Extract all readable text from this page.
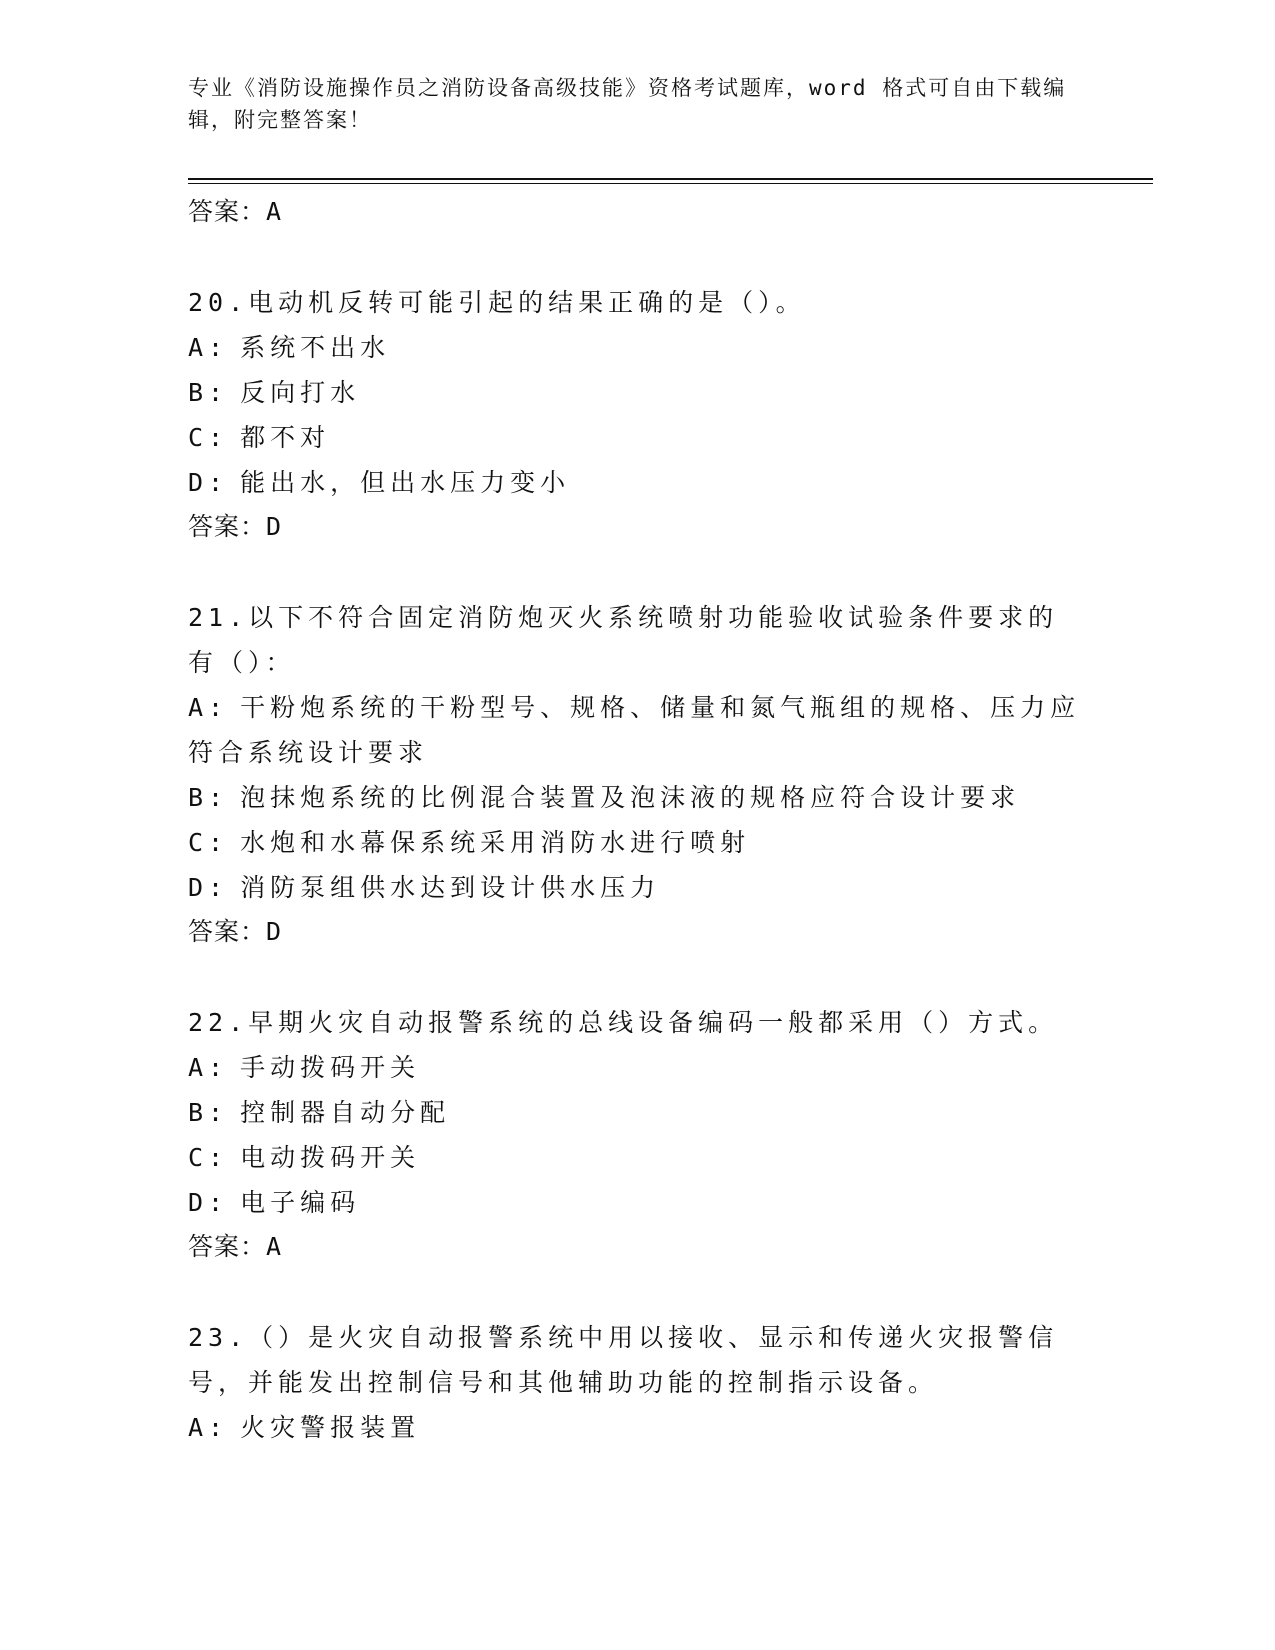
专业《消防设施操作员之消防设备高级技能》资格考试题库，word 格式可自由下载编辑，附完整答案！
答案：A
20.电动机反转可能引起的结果正确的是（）。
A: 系统不出水
B: 反向打水
C: 都不对
D: 能出水，但出水压力变小
答案：D
21.以下不符合固定消防炮灭火系统喷射功能验收试验条件要求的有（）：
A: 干粉炮系统的干粉型号、规格、储量和氮气瓶组的规格、压力应符合系统设计要求
B: 泡抹炮系统的比例混合装置及泡沫液的规格应符合设计要求
C: 水炮和水幕保系统采用消防水进行喷射
D: 消防泵组供水达到设计供水压力
答案：D
22.早期火灾自动报警系统的总线设备编码一般都采用（）方式。
A: 手动拨码开关
B: 控制器自动分配
C: 电动拨码开关
D: 电子编码
答案：A
23.（）是火灾自动报警系统中用以接收、显示和传递火灾报警信号，并能发出控制信号和其他辅助功能的控制指示设备。
A: 火灾警报装置
